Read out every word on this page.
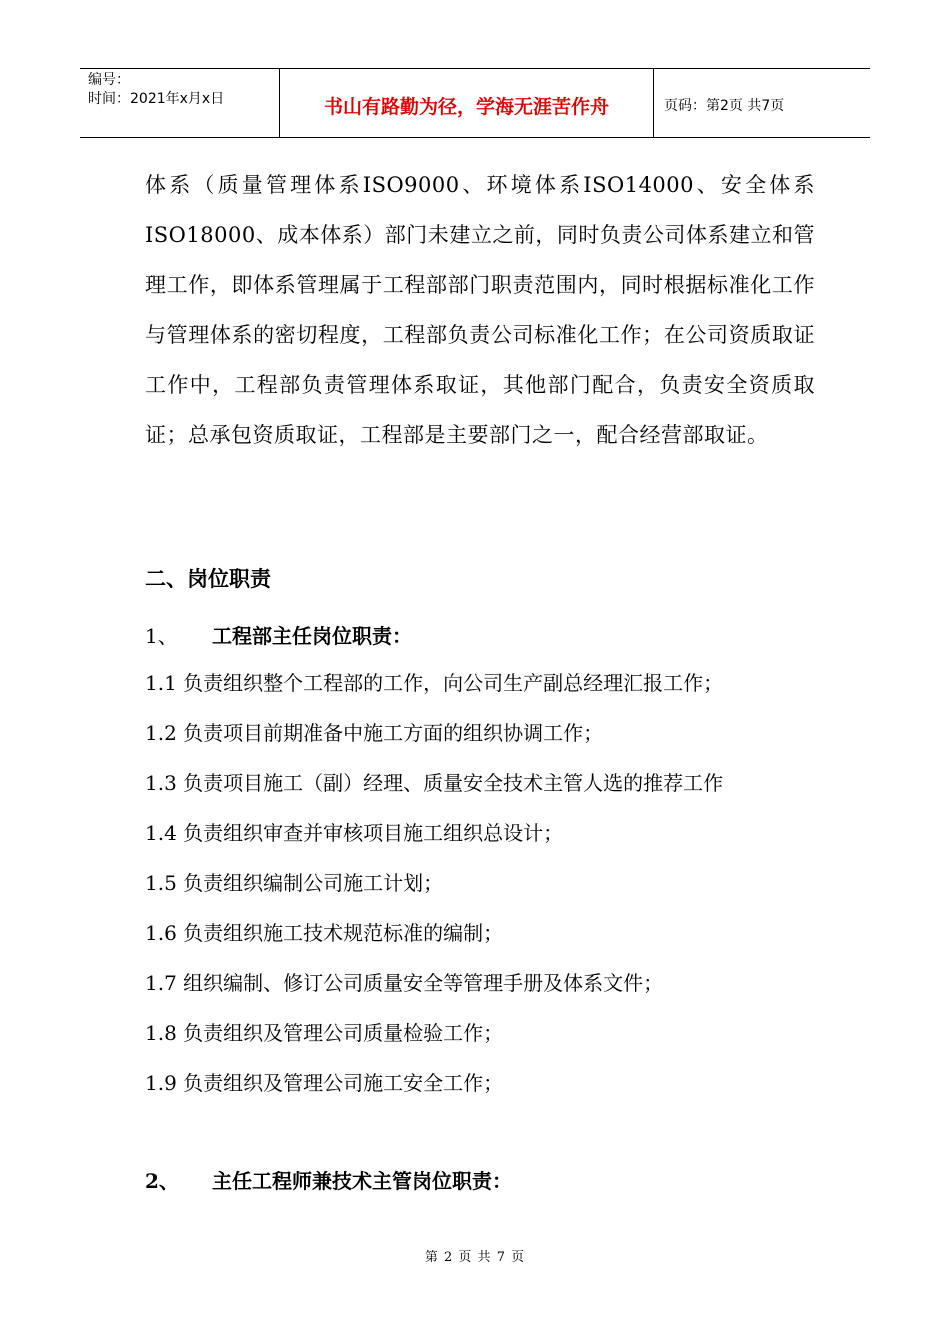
编号：
时间：2021年x月x日	书山有路勤为径，学海无涯苦作舟	页码：第2页 共7页

体系（质量管理体系ISO9000、环境体系ISO14000、安全体系ISO18000、成本体系）部门未建立之前，同时负责公司体系建立和管理工作，即体系管理属于工程部部门职责范围内，同时根据标准化工作与管理体系的密切程度，工程部负责公司标准化工作；在公司资质取证工作中，工程部负责管理体系取证，其他部门配合，负责安全资质取证；总承包资质取证，工程部是主要部门之一，配合经营部取证。

二、岗位职责
1、	工程部主任岗位职责：
1.1 负责组织整个工程部的工作，向公司生产副总经理汇报工作；
1.2 负责项目前期准备中施工方面的组织协调工作；
1.3 负责项目施工（副）经理、质量安全技术主管人选的推荐工作
1.4 负责组织审查并审核项目施工组织总设计；
1.5 负责组织编制公司施工计划；
1.6 负责组织施工技术规范标准的编制；
1.7 组织编制、修订公司质量安全等管理手册及体系文件；
1.8 负责组织及管理公司质量检验工作；
1.9 负责组织及管理公司施工安全工作；
2、	主任工程师兼技术主管岗位职责：
第 2 页 共 7 页
